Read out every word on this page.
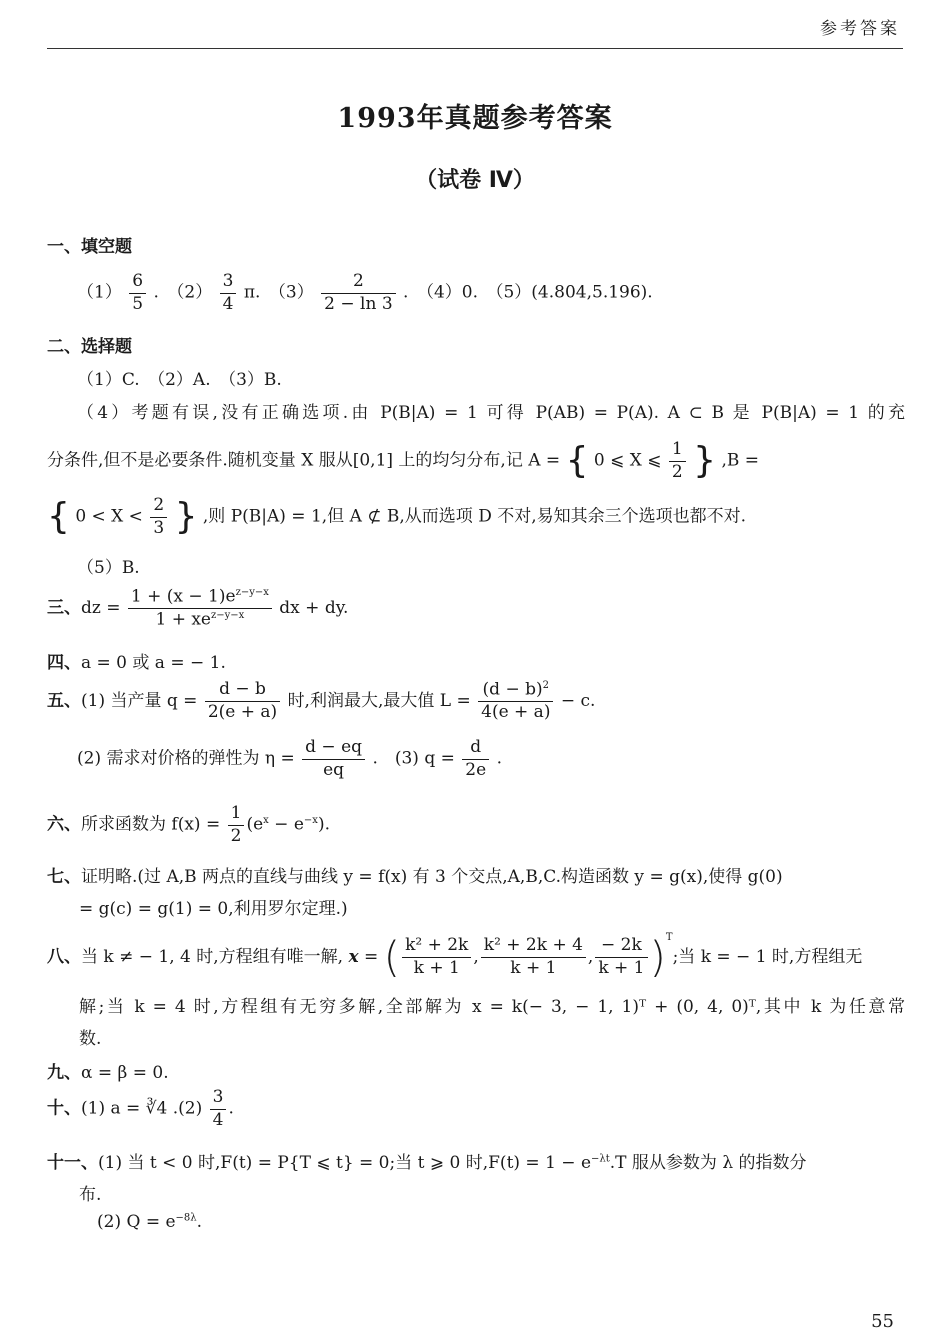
参考答案
1993年真题参考答案
（试卷 Ⅳ）
一、填空题
$(1) \frac{6}{5}$ .　$(2) \frac{3}{4} \pi$.　$(3) \frac{2}{2 - \ln 3}$ .　（4）0.　（5）(4.804,5.196).
二、选择题
（1）C.　（2）A.　（3）B.
（4）考题有误,没有正确选项.由 P(B|A) = 1 可得 P(AB) = P(A). A ⊂ B 是 P(B|A) = 1 的充
分条件,但不是必要条件.随机变量 X 服从[0,1] 上的均匀分布,记 A = { 0 ⩽ X ⩽ $\frac{1}{2}$ } ,B =
{ $0 < X < \frac{2}{3}$ } ,则 P(B|A) = 1,但 A ⊄ B,从而选项 D 不对,易知其余三个选项也都不对.
（5）B.
三、dz = $\frac{1 + (x - 1)e^{z-y-x}}{1 + xe^{z-y-x}}$ dx + dy.
四、a = 0 或 a = − 1.
五、(1) 当产量 $q = \frac{d - b}{2(e + a)}$ 时,利润最大,最大值 $L = \frac{(d - b)^2}{4(e + a)} - c$.
(2) 需求对价格的弹性为 $\eta = \frac{d - eq}{eq}$ .　(3) $q = \frac{d}{2e}$ .
六、所求函数为 $f(x) = \frac{1}{2} (e^x - e^{-x})$.
七、证明略.(过 A,B 两点的直线与曲线 y = f(x) 有 3 个交点,A,B,C.构造函数 y = g(x),使得 g(0)
= g(c) = g(1) = 0,利用罗尔定理.)
八、当 k ≠ − 1, 4 时,方程组有唯一解, x = ( $\frac{\text{k² + 2k}}{k + 1}$ , $\frac{\text{k² + 2k + 4}}{k + 1}$ , $\frac{- 2k}{k + 1} )^T$;当 k = − 1 时,方程组无
解;当 k = 4 时,方程组有无穷多解,全部解为 x = k(− 3, − 1, 1)ᵀ + (0, 4, 0)ᵀ,其中 k 为任意常
数.
九、α = β = 0.
十、(1) a = ∛4 $.(2) \frac{3}{4}$ .
十一、(1) 当 t < 0 时,F(t) = P{T ⩽ t} = 0;当 t ⩾ 0 时$,F(t) = 1 - e^{-\lambda t}.T$ 服从参数为 λ 的指数分
布.
(2) $Q = e^{-8\lambda}$.
55
